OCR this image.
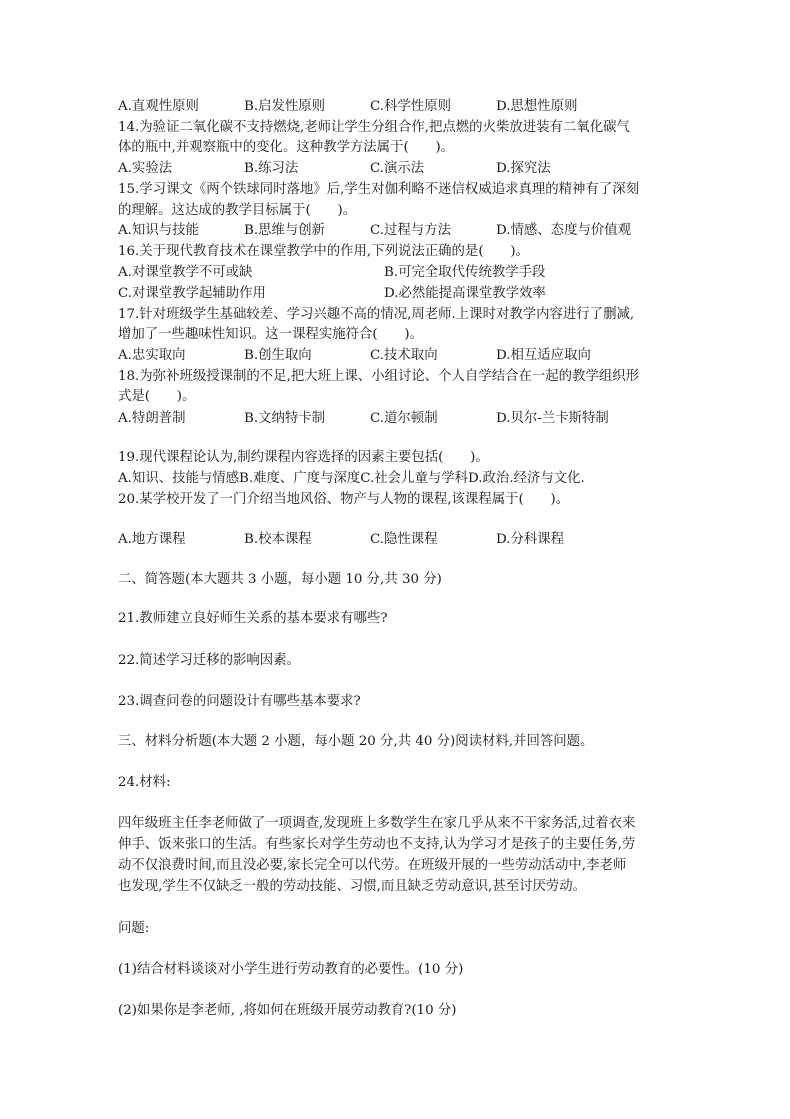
A.直观性原则	B.启发性原则	C.科学性原则	D.思想性原则
14.为验证二氧化碳不支持燃烧,老师让学生分组合作,把点燃的火柴放进装有二氧化碳气
体的瓶中,并观察瓶中的变化。这种教学方法属于(　　)。
A.实验法	B.练习法	C.演示法	D.探究法
15.学习课文《两个铁球同时落地》后,学生对伽利略不迷信权威追求真理的精神有了深刻
的理解。这达成的教学目标属于(　　)。
A.知识与技能	B.思维与创新	C.过程与方法	D.情感、态度与价值观
16.关于现代教育技术在课堂教学中的作用,下列说法正确的是(　　)。
A.对课堂教学不可或缺	B.可完全取代传统教学手段
C.对课堂教学起辅助作用	D.必然能提高课堂教学效率
17.针对班级学生基础较差、学习兴趣不高的情况,周老师.上课时对教学内容进行了删减,
增加了一些趣味性知识。这一课程实施符合(　　)。
A.忠实取向	B.创生取向	C.技术取向	D.相互适应取向
18.为弥补班级授课制的不足,把大班上课、小组讨论、个人自学结合在一起的教学组织形
式是(　　)。
A.特朗普制	B.文纳特卡制	C.道尔顿制	D.贝尔-兰卡斯特制
19.现代课程论认为,制约课程内容选择的因素主要包括(　　)。
A.知识、技能与情感B.难度、广度与深度C.社会儿童与学科D.政治.经济与文化.
20.某学校开发了一门介绍当地风俗、物产与人物的课程,该课程属于(　　)。
A.地方课程	B.校本课程	C.隐性课程	D.分科课程
二、简答题(本大题共 3 小题，每小题 10 分,共 30 分)
21.教师建立良好师生关系的基本要求有哪些?
22.简述学习迁移的影响因素。
23.调查问卷的问题设计有哪些基本要求?
三、材料分析题(本大题 2 小题，每小题 20 分,共 40 分)阅读材料,并回答问题。
24.材料:
四年级班主任李老师做了一项调查,发现班上多数学生在家几乎从来不干家务活,过着衣来
伸手、饭来张口的生活。有些家长对学生劳动也不支持,认为学习才是孩子的主要任务,劳
动不仅浪费时间,而且没必要,家长完全可以代劳。在班级开展的一些劳动活动中,李老师
也发现,学生不仅缺乏一般的劳动技能、习惯,而且缺乏劳动意识,甚至讨厌劳动。
问题:
(1)结合材料谈谈对小学生进行劳动教育的必要性。(10 分)
(2)如果你是李老师, ,将如何在班级开展劳动教育?(10 分)
